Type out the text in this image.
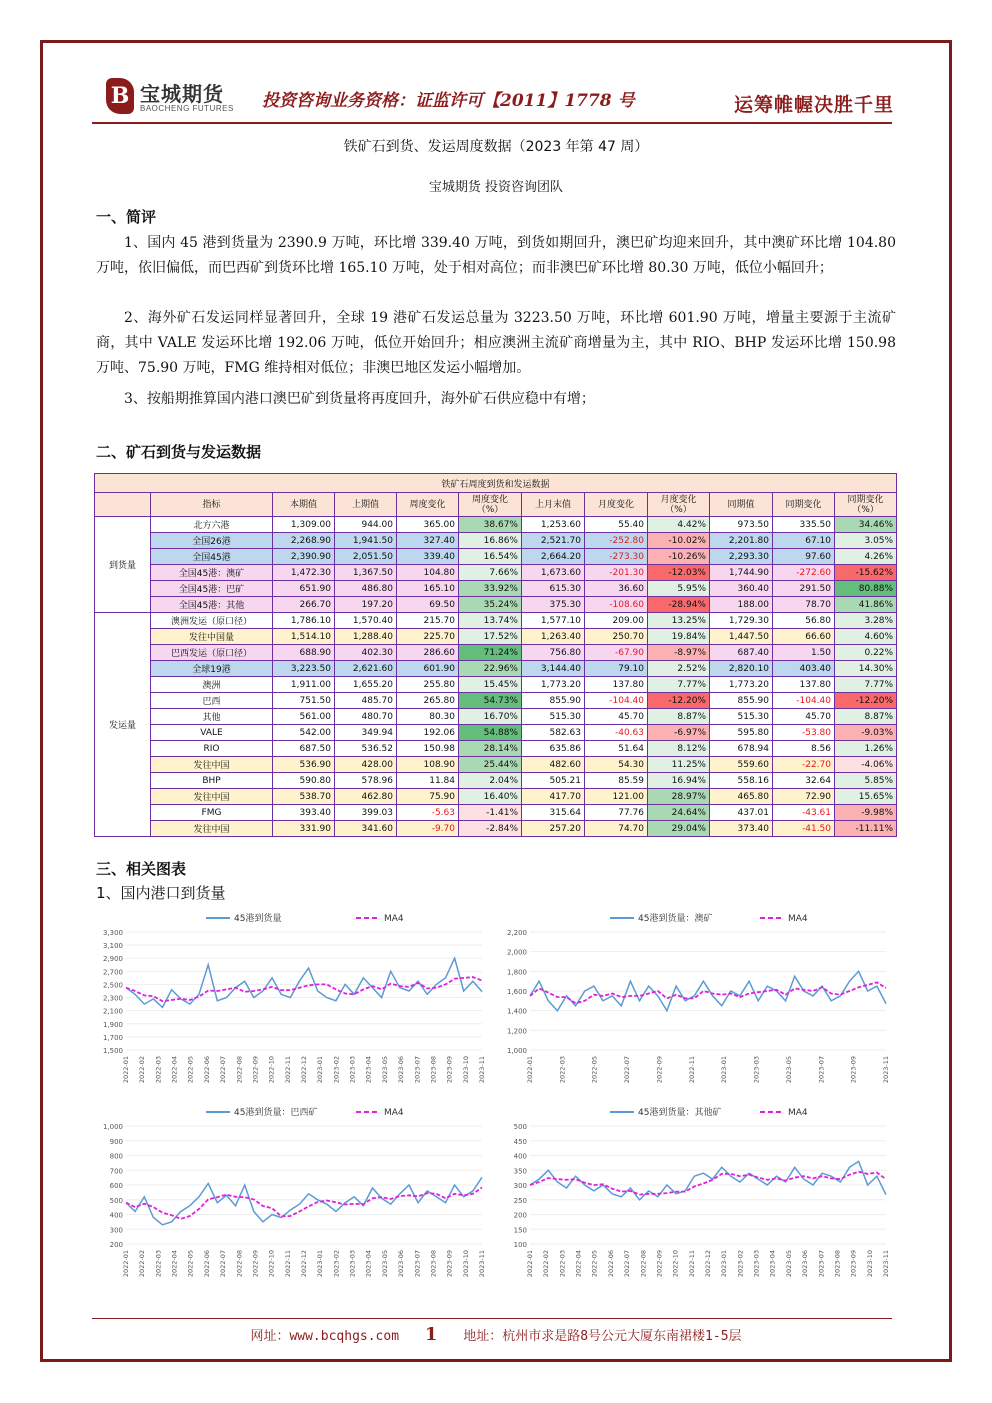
B 宝城期货
BAOCHENG FUTURES 投资咨询业务资格：证监许可【2011】1778 号	运筹帷幄决胜千里
铁矿石到货、发运周度数据（2023 年第 47 周）
宝城期货 投资咨询团队
一、简评
1、国内 45 港到货量为 2390.9 万吨，环比增 339.40 万吨，到货如期回升，澳巴矿均迎来回升，其中澳矿环比增 104.80 万吨，依旧偏低，而巴西矿到货环比增 165.10 万吨，处于相对高位；而非澳巴矿环比增 80.30 万吨，低位小幅回升；
2、海外矿石发运同样显著回升，全球 19 港矿石发运总量为 3223.50 万吨，环比增 601.90 万吨，增量主要源于主流矿商，其中 VALE 发运环比增 192.06 万吨，低位开始回升；相应澳洲主流矿商增量为主，其中 RIO、BHP 发运环比增 150.98 万吨、75.90 万吨，FMG 维持相对低位；非澳巴地区发运小幅增加。
3、按船期推算国内港口澳巴矿到货量将再度回升，海外矿石供应稳中有增；
二、矿石到货与发运数据
铁矿石周度到货和发运数据											
	指标	本期值	上期值	周度变化	周度变化（%）	上月末值	月度变化	月度变化（%）	同期值	同期变化	同期变化（%）
到货量	北方六港	1,309.00	944.00	365.00	38.67%	1,253.60	55.40	4.42%	973.50	335.50	34.46%
	全国26港	2,268.90	1,941.50	327.40	16.86%	2,521.70	-252.80	-10.02%	2,201.80	67.10	3.05%
	全国45港	2,390.90	2,051.50	339.40	16.54%	2,664.20	-273.30	-10.26%	2,293.30	97.60	4.26%
	全国45港：澳矿	1,472.30	1,367.50	104.80	7.66%	1,673.60	-201.30	-12.03%	1,744.90	-272.60	-15.62%
	全国45港：巴矿	651.90	486.80	165.10	33.92%	615.30	36.60	5.95%	360.40	291.50	80.88%
	全国45港：其他	266.70	197.20	69.50	35.24%	375.30	-108.60	-28.94%	188.00	78.70	41.86%
发运量	澳洲发运（原口径）	1,786.10	1,570.40	215.70	13.74%	1,577.10	209.00	13.25%	1,729.30	56.80	3.28%
	发往中国量	1,514.10	1,288.40	225.70	17.52%	1,263.40	250.70	19.84%	1,447.50	66.60	4.60%
	巴西发运（原口径）	688.90	402.30	286.60	71.24%	756.80	-67.90	-8.97%	687.40	1.50	0.22%
	全球19港	3,223.50	2,621.60	601.90	22.96%	3,144.40	79.10	2.52%	2,820.10	403.40	14.30%
	澳洲	1,911.00	1,655.20	255.80	15.45%	1,773.20	137.80	7.77%	1,773.20	137.80	7.77%
	巴西	751.50	485.70	265.80	54.73%	855.90	-104.40	-12.20%	855.90	-104.40	-12.20%
	其他	561.00	480.70	80.30	16.70%	515.30	45.70	8.87%	515.30	45.70	8.87%
	VALE	542.00	349.94	192.06	54.88%	582.63	-40.63	-6.97%	595.80	-53.80	-9.03%
	RIO	687.50	536.52	150.98	28.14%	635.86	51.64	8.12%	678.94	8.56	1.26%
	发往中国	536.90	428.00	108.90	25.44%	482.60	54.30	11.25%	559.60	-22.70	-4.06%
	BHP	590.80	578.96	11.84	2.04%	505.21	85.59	16.94%	558.16	32.64	5.85%
	发往中国	538.70	462.80	75.90	16.40%	417.70	121.00	28.97%	465.80	72.90	15.65%
	FMG	393.40	399.03	-5.63	-1.41%	315.64	77.76	24.64%	437.01	-43.61	-9.98%
	发往中国	331.90	341.60	-9.70	-2.84%	257.20	74.70	29.04%	373.40	-41.50	-11.11%
三、相关图表
1、国内港口到货量
45港到货量	MA4
3,300
3,100
2,900
2,700
2,500
2,300
2,100
1,900
1,700
1,500
2022-01 2022-02 2022-03 2022-04 2022-05 2022-06 2022-07 2022-08 2022-09 2022-10 2022-11 2022-12 2023-01 2023-02 2023-03 2023-04 2023-05 2023-06 2023-07 2023-08 2023-09 2023-10 2023-11
45港到货量：澳矿	MA4
2,200
2,000
1,800
1,600
1,400
1,200
1,000
2022-01	2022-03	2022-05	2022-07	2022-09	2022-11	2023-01	2023-03	2023-05	2023-07	2023-09	2023-11
45港到货量：巴西矿	MA4
1,000
900
800
700
600
500
400
300
200
2022-01 2022-02 2022-03 2022-04 2022-05 2022-06 2022-07 2022-08 2022-09 2022-10 2022-11 2022-12 2023-01 2023-02 2023-03 2023-04 2023-05 2023-06 2023-07 2023-08 2023-09 2023-10 2023-11
45港到货量：其他矿	MA4
500
450
400
350
300
250
200
150
100
2022-01 2022-02 2022-03 2022-04 2022-05 2022-06 2022-07 2022-08 2022-09 2022-10 2022-11 2022-12 2023-01 2023-02 2023-03 2023-04 2023-05 2023-06 2023-07 2023-08 2023-09 2023-10 2023-11
网址：www.bcqhgs.com 1 地址：杭州市求是路8号公元大厦东南裙楼1-5层
